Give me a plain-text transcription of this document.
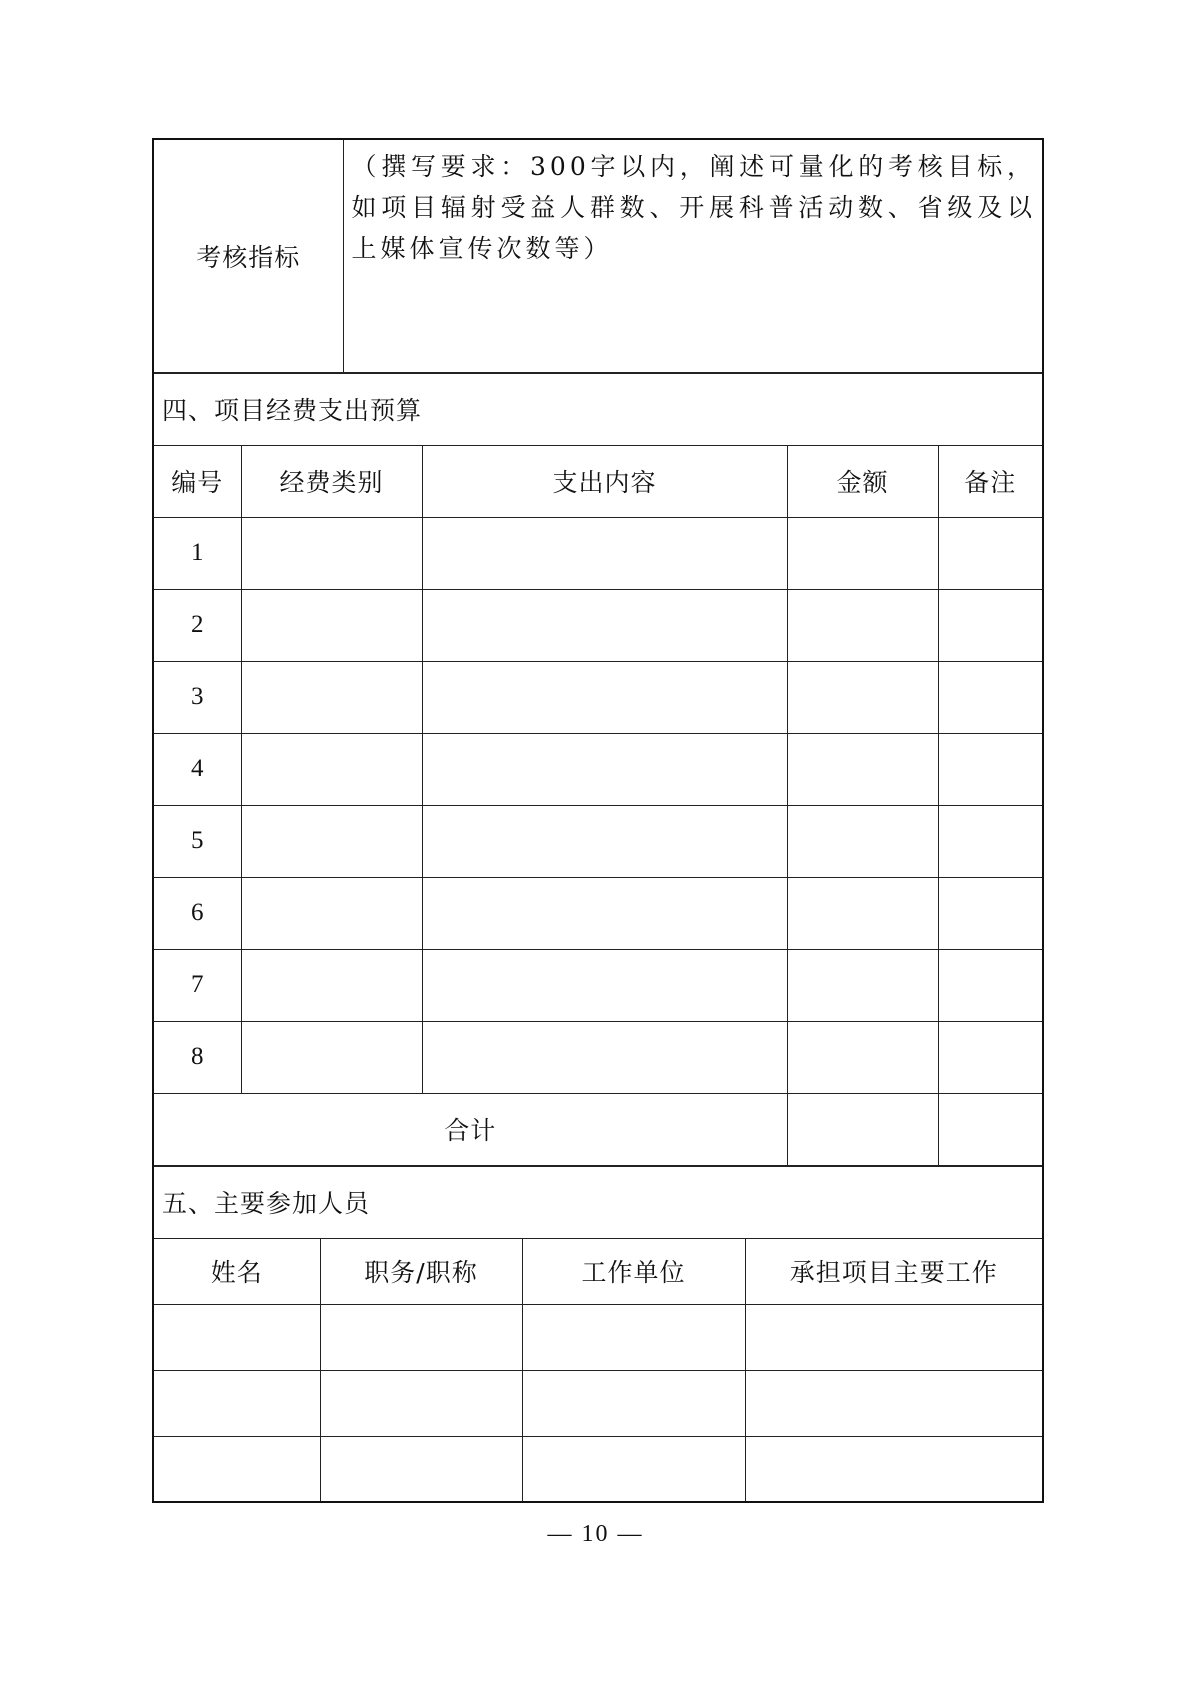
考核指标	（撰写要求：300字以内，阐述可量化的考核目标，如项目辐射受益人群数、开展科普活动数、省级及以上媒体宣传次数等）
四、项目经费支出预算				
编号	经费类别	支出内容	金额	备注
1				
2				
3				
4				
5				
6				
7				
8				
合计				
五、主要参加人员			
姓名	职务/职称	工作单位	承担项目主要工作

— 10 —
